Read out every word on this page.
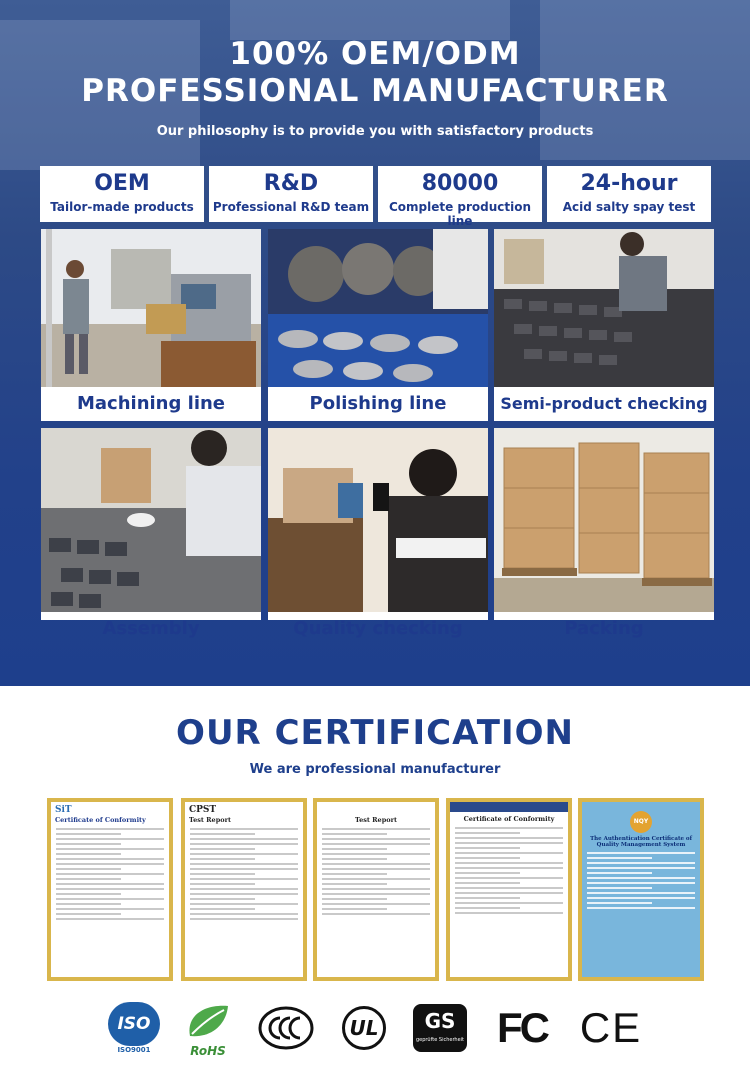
100% OEM/ODM
PROFESSIONAL MANUFACTURER
Our philosophy is to provide you with satisfactory products
OEM
Tailor-made products
R&D
Professional R&D team
80000
Complete production line
24-hour
Acid salty spay test
Machining line	Polishing line	Semi-product checking
Assembly	Quality checking	Packing
OUR CERTIFICATION
We are professional manufacturer
SiT
Certificate of Conformity
CPST
Test Report	Test Report	Certificate of Conformity	NQY
The Authentication Certificate of Quality Management System
ISO
ISO9001	RoHS
UL	GS
geprüfte Sicherheit FC CE
